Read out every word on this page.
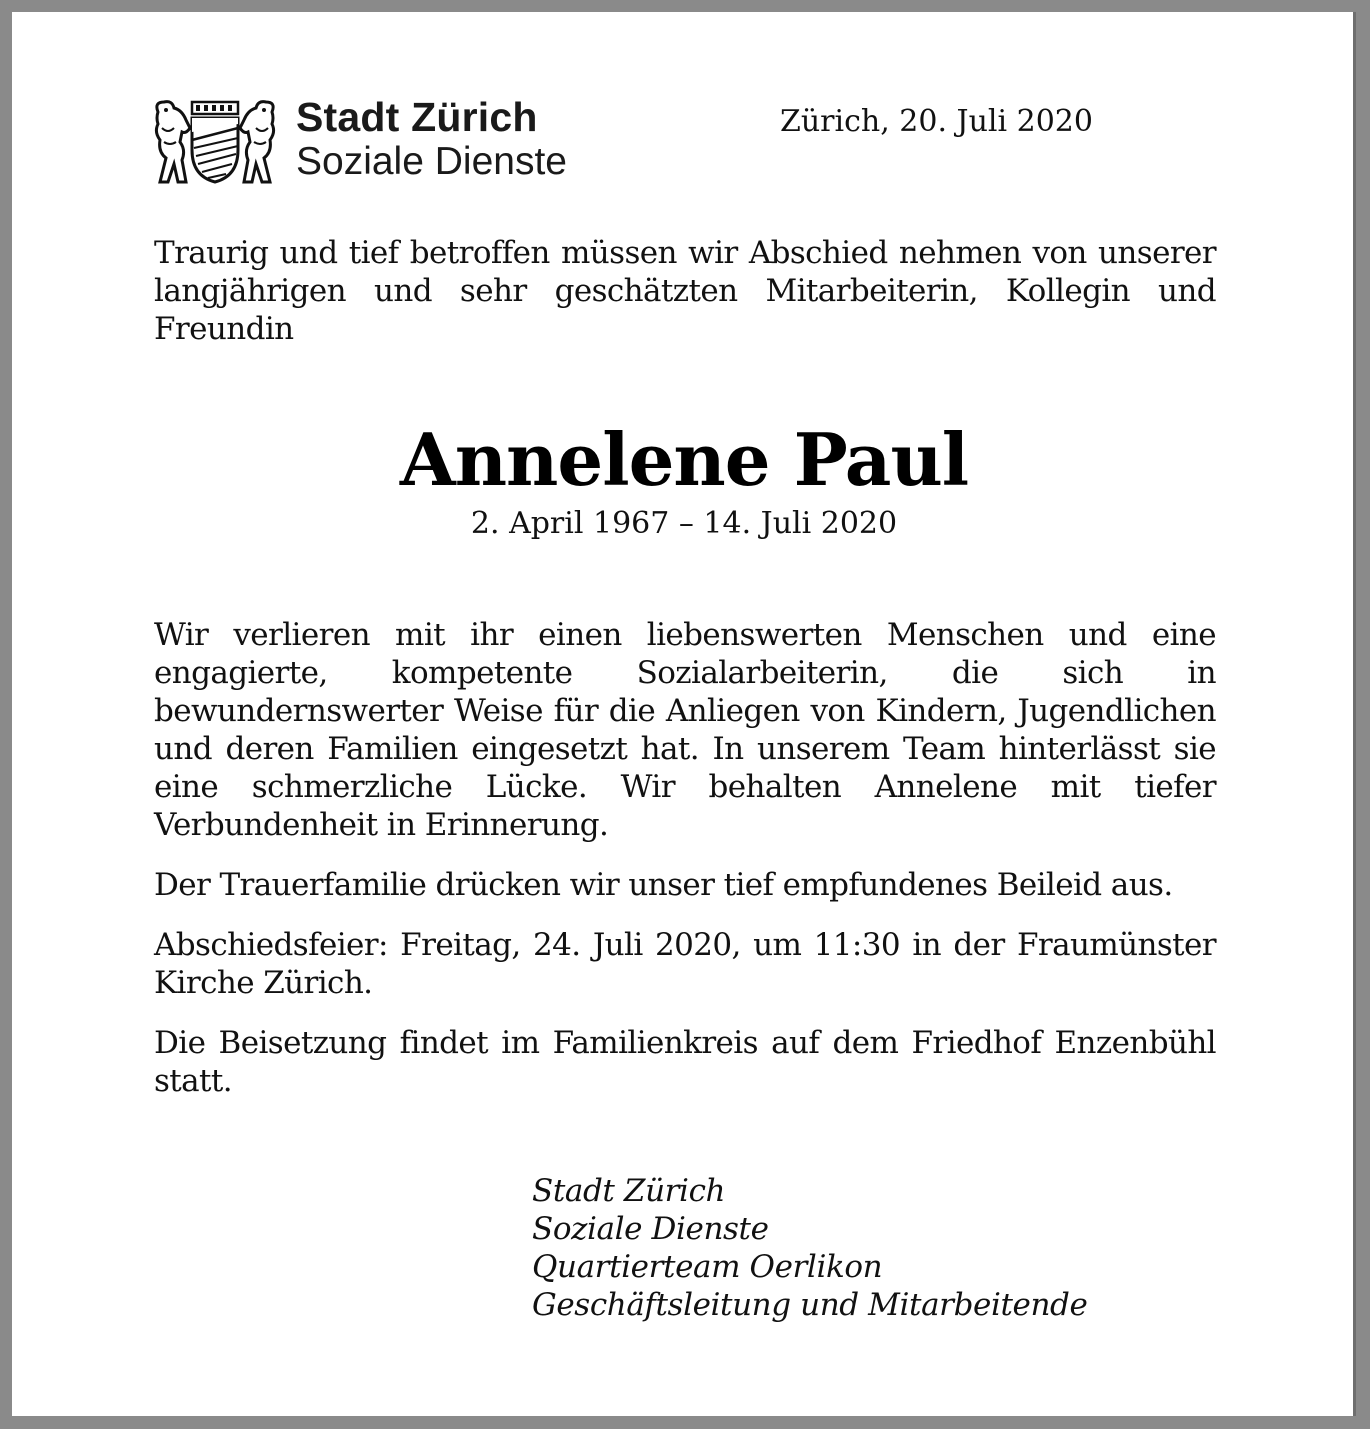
Stadt Zürich
Soziale Dienste
Zürich, 20. Juli 2020
Traurig und tief betroffen müssen wir Abschied nehmen von unserer langjährigen und sehr geschätzten Mitarbeiterin, Kollegin und Freundin
Annelene Paul
2. April 1967 – 14. Juli 2020

Wir verlieren mit ihr einen liebenswerten Menschen und eine engagierte, kompetente Sozialarbeiterin, die sich in bewundernswerter Weise für die Anliegen von Kindern, Jugendlichen und deren Familien eingesetzt hat. In unserem Team hinterlässt sie eine schmerzliche Lücke. Wir behalten Annelene mit tiefer Verbundenheit in Erinnerung.

Der Trauerfamilie drücken wir unser tief empfundenes Beileid aus.

Abschiedsfeier: Freitag, 24. Juli 2020, um 11:30 in der Fraumünster Kirche Zürich.

Die Beisetzung findet im Familienkreis auf dem Friedhof Enzenbühl statt.

Stadt Zürich
Soziale Dienste
Quartierteam Oerlikon
Geschäftsleitung und Mitarbeitende
